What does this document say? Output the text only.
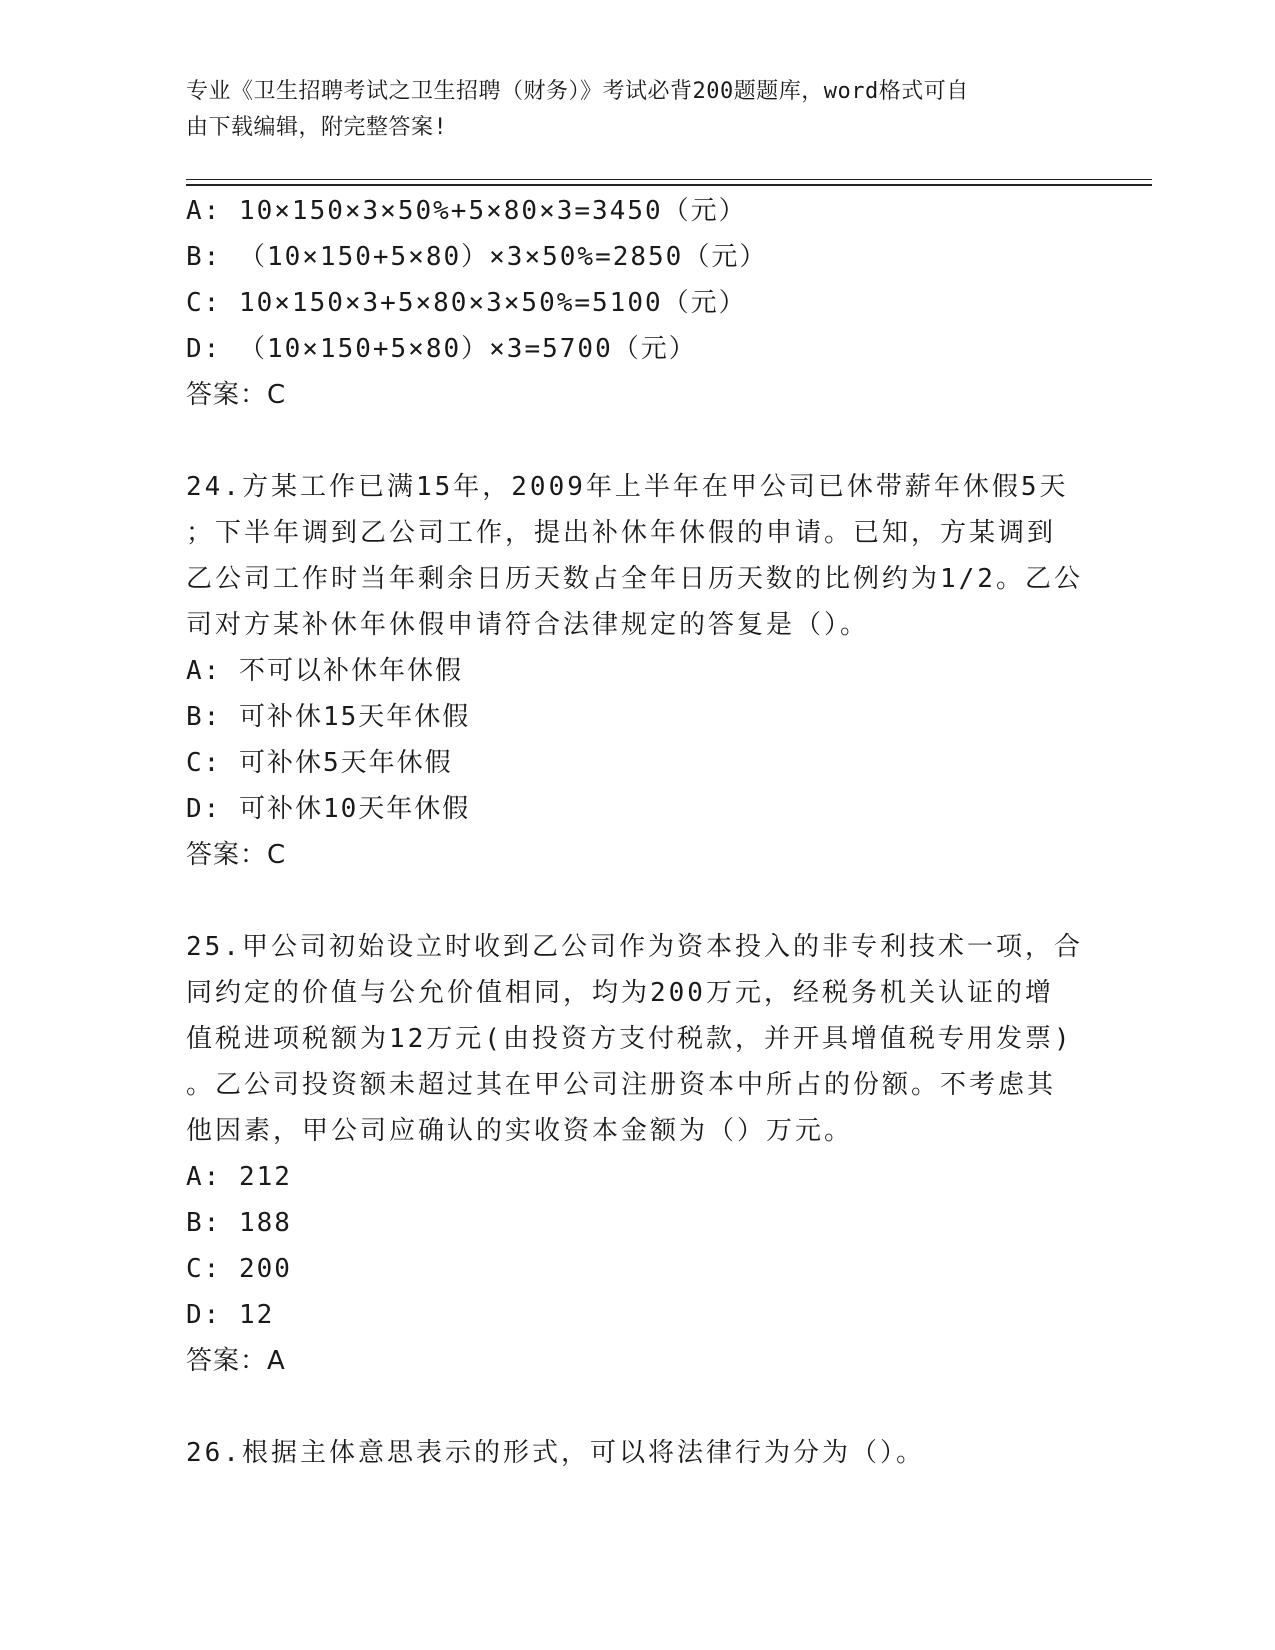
专业《卫生招聘考试之卫生招聘（财务）》考试必背200题题库，word格式可自
由下载编辑，附完整答案!
A: 10×150×3×50%+5×80×3=3450（元）
B: （10×150+5×80）×3×50%=2850（元）
C: 10×150×3+5×80×3×50%=5100（元）
D: （10×150+5×80）×3=5700（元）
答案：C
24.方某工作已满15年，2009年上半年在甲公司已休带薪年休假5天
；下半年调到乙公司工作，提出补休年休假的申请。已知，方某调到
乙公司工作时当年剩余日历天数占全年日历天数的比例约为1/2。乙公
司对方某补休年休假申请符合法律规定的答复是（）。
A: 不可以补休年休假
B: 可补休15天年休假
C: 可补休5天年休假
D: 可补休10天年休假
答案：C
25.甲公司初始设立时收到乙公司作为资本投入的非专利技术一项，合
同约定的价值与公允价值相同，均为200万元，经税务机关认证的增
值税进项税额为12万元(由投资方支付税款，并开具增值税专用发票)
。乙公司投资额未超过其在甲公司注册资本中所占的份额。不考虑其
他因素，甲公司应确认的实收资本金额为（）万元。
A: 212
B: 188
C: 200
D: 12
答案：A
26.根据主体意思表示的形式，可以将法律行为分为（）。
